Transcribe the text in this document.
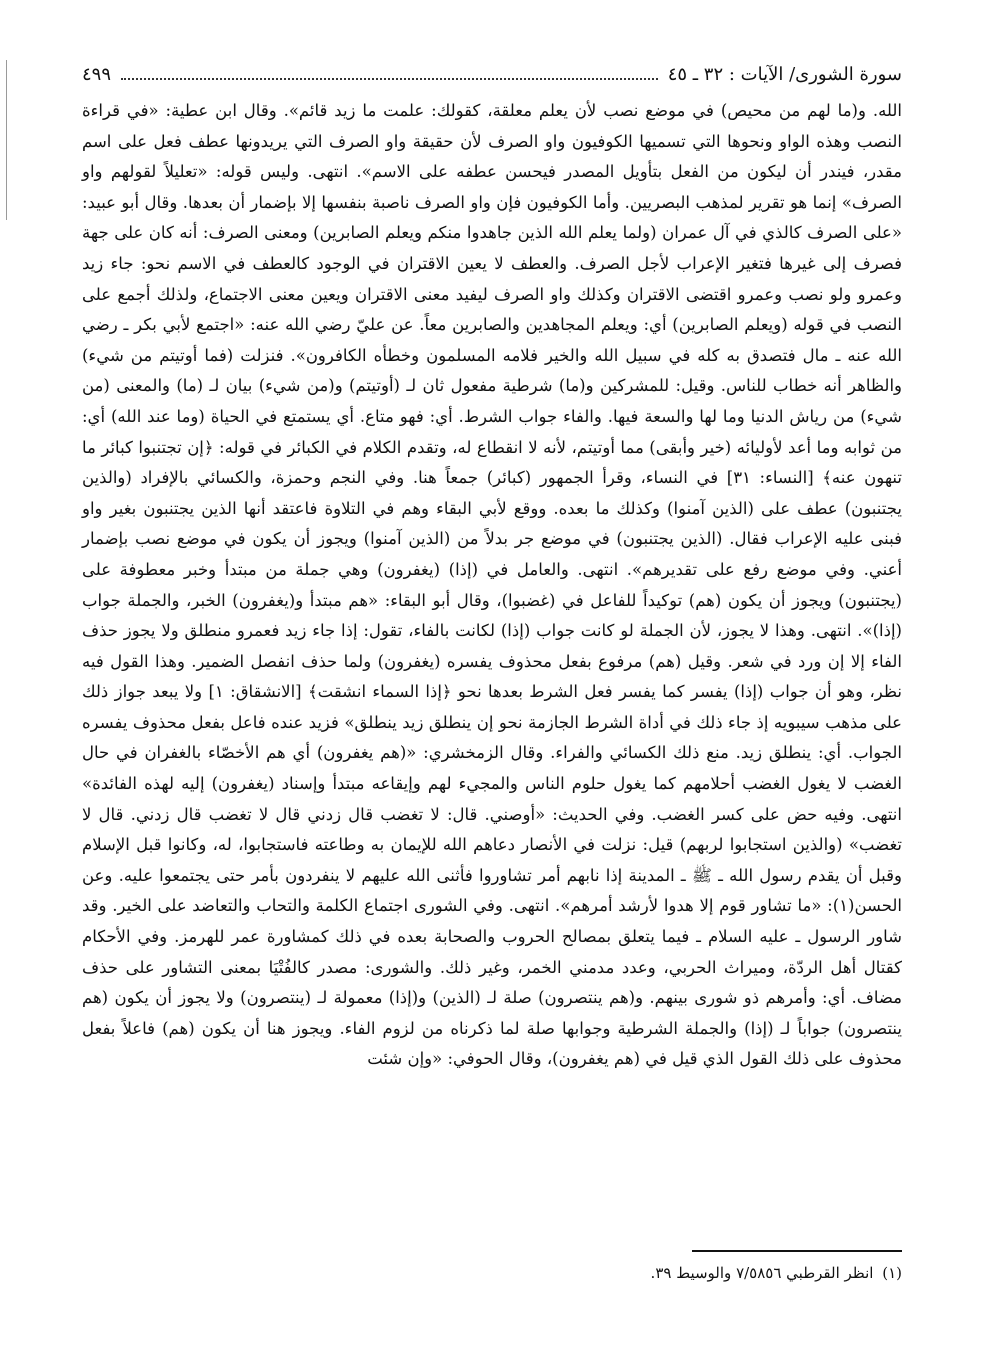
سورة الشورى/ الآيات : ٣٢ ـ ٤٥
٤٩٩

الله. و(ما لهم من محيص) في موضع نصب لأن يعلم معلقة، كقولك: علمت ما زيد قائم». وقال ابن عطية: «في قراءة النصب وهذه الواو ونحوها التي تسميها الكوفيون واو الصرف لأن حقيقة واو الصرف التي يريدونها عطف فعل على اسم مقدر، فيندر أن ليكون من الفعل بتأويل المصدر فيحسن عطفه على الاسم». انتهى. وليس قوله: «تعليلاً لقولهم واو الصرف» إنما هو تقرير لمذهب البصريين. وأما الكوفيون فإن واو الصرف ناصبة بنفسها إلا بإضمار أن بعدها. وقال أبو عبيد: «على الصرف كالذي في آل عمران (ولما يعلم الله الذين جاهدوا منكم ويعلم الصابرين) ومعنى الصرف: أنه كان على جهة فصرف إلى غيرها فتغير الإعراب لأجل الصرف. والعطف لا يعين الاقتران في الوجود كالعطف في الاسم نحو: جاء زيد وعمرو ولو نصب وعمرو اقتضى الاقتران وكذلك واو الصرف ليفيد معنى الاقتران ويعين معنى الاجتماع، ولذلك أجمع على النصب في قوله (ويعلم الصابرين) أي: ويعلم المجاهدين والصابرين معاً. عن عليّ رضي الله عنه: «اجتمع لأبي بكر ـ رضي الله عنه ـ مال فتصدق به كله في سبيل الله والخير فلامه المسلمون وخطأه الكافرون». فنزلت (فما أوتيتم من شيء) والظاهر أنه خطاب للناس. وقيل: للمشركين و(ما) شرطية مفعول ثان لـ (أوتيتم) و(من شيء) بيان لـ (ما) والمعنى (من شيء) من رياش الدنيا وما لها والسعة فيها. والفاء جواب الشرط. أي: فهو متاع. أي يستمتع في الحياة (وما عند الله) أي: من ثوابه وما أعد لأوليائه (خير وأبقى) مما أوتيتم، لأنه لا انقطاع له، وتقدم الكلام في الكبائر في قوله: ﴿إن تجتنبوا كبائر ما تنهون عنه﴾ [النساء: ٣١] في النساء، وقرأ الجمهور (كبائر) جمعاً هنا. وفي النجم وحمزة، والكسائي بالإفراد (والذين يجتنبون) عطف على (الذين آمنوا) وكذلك ما بعده. ووقع لأبي البقاء وهم في التلاوة فاعتقد أنها الذين يجتنبون بغير واو فبنى عليه الإعراب فقال. (الذين يجتنبون) في موضع جر بدلاً من (الذين آمنوا) ويجوز أن يكون في موضع نصب بإضمار أعني. وفي موضع رفع على تقديرهم». انتهى. والعامل في (إذا) (يغفرون) وهي جملة من مبتدأ وخبر معطوفة على (يجتنبون) ويجوز أن يكون (هم) توكيداً للفاعل في (غضبوا)، وقال أبو البقاء: «هم مبتدأ و(يغفرون) الخبر، والجملة جواب (إذا)». انتهى. وهذا لا يجوز، لأن الجملة لو كانت جواب (إذا) لكانت بالفاء، تقول: إذا جاء زيد فعمرو منطلق ولا يجوز حذف الفاء إلا إن ورد في شعر. وقيل (هم) مرفوع بفعل محذوف يفسره (يغفرون) ولما حذف انفصل الضمير. وهذا القول فيه نظر، وهو أن جواب (إذا) يفسر كما يفسر فعل الشرط بعدها نحو ﴿إذا السماء انشقت﴾ [الانشقاق: ١] ولا يبعد جواز ذلك على مذهب سيبويه إذ جاء ذلك في أداة الشرط الجازمة نحو إن ينطلق زيد ينطلق» فزيد عنده فاعل بفعل محذوف يفسره الجواب. أي: ينطلق زيد. منع ذلك الكسائي والفراء. وقال الزمخشري: «(هم يغفرون) أي هم الأخصّاء بالغفران في حال الغضب لا يغول الغضب أحلامهم كما يغول حلوم الناس والمجيء لهم وإيقاعه مبتدأ وإسناد (يغفرون) إليه لهذه الفائدة» انتهى. وفيه حض على كسر الغضب. وفي الحديث: «أوصني. قال: لا تغضب قال زدني قال لا تغضب قال زدني. قال لا تغضب» (والذين استجابوا لربهم) قيل: نزلت في الأنصار دعاهم الله للإيمان به وطاعته فاستجابوا، له، وكانوا قبل الإسلام وقبل أن يقدم رسول الله ـ ﷺ ـ المدينة إذا نابهم أمر تشاوروا فأثنى الله عليهم لا ينفردون بأمر حتى يجتمعوا عليه. وعن الحسن(١): «ما تشاور قوم إلا هدوا لأرشد أمرهم». انتهى. وفي الشورى اجتماع الكلمة والتحاب والتعاضد على الخير. وقد شاور الرسول ـ عليه السلام ـ فيما يتعلق بمصالح الحروب والصحابة بعده في ذلك كمشاورة عمر للهرمز. وفي الأحكام كقتال أهل الردّة، وميراث الحربي، وعدد مدمني الخمر، وغير ذلك. والشورى: مصدر كالفُتْيَا بمعنى التشاور على حذف مضاف. أي: وأمرهم ذو شورى بينهم. و(هم ينتصرون) صلة لـ (الذين) و(إذا) معمولة لـ (ينتصرون) ولا يجوز أن يكون (هم ينتصرون) جواباً لـ (إذا) والجملة الشرطية وجوابها صلة لما ذكرناه من لزوم الفاء. ويجوز هنا أن يكون (هم) فاعلاً بفعل محذوف على ذلك القول الذي قيل في (هم يغفرون)، وقال الحوفي: «وإن شئت

(١) انظر القرطبي ٧/٥٨٥٦ والوسيط ٣٩.
